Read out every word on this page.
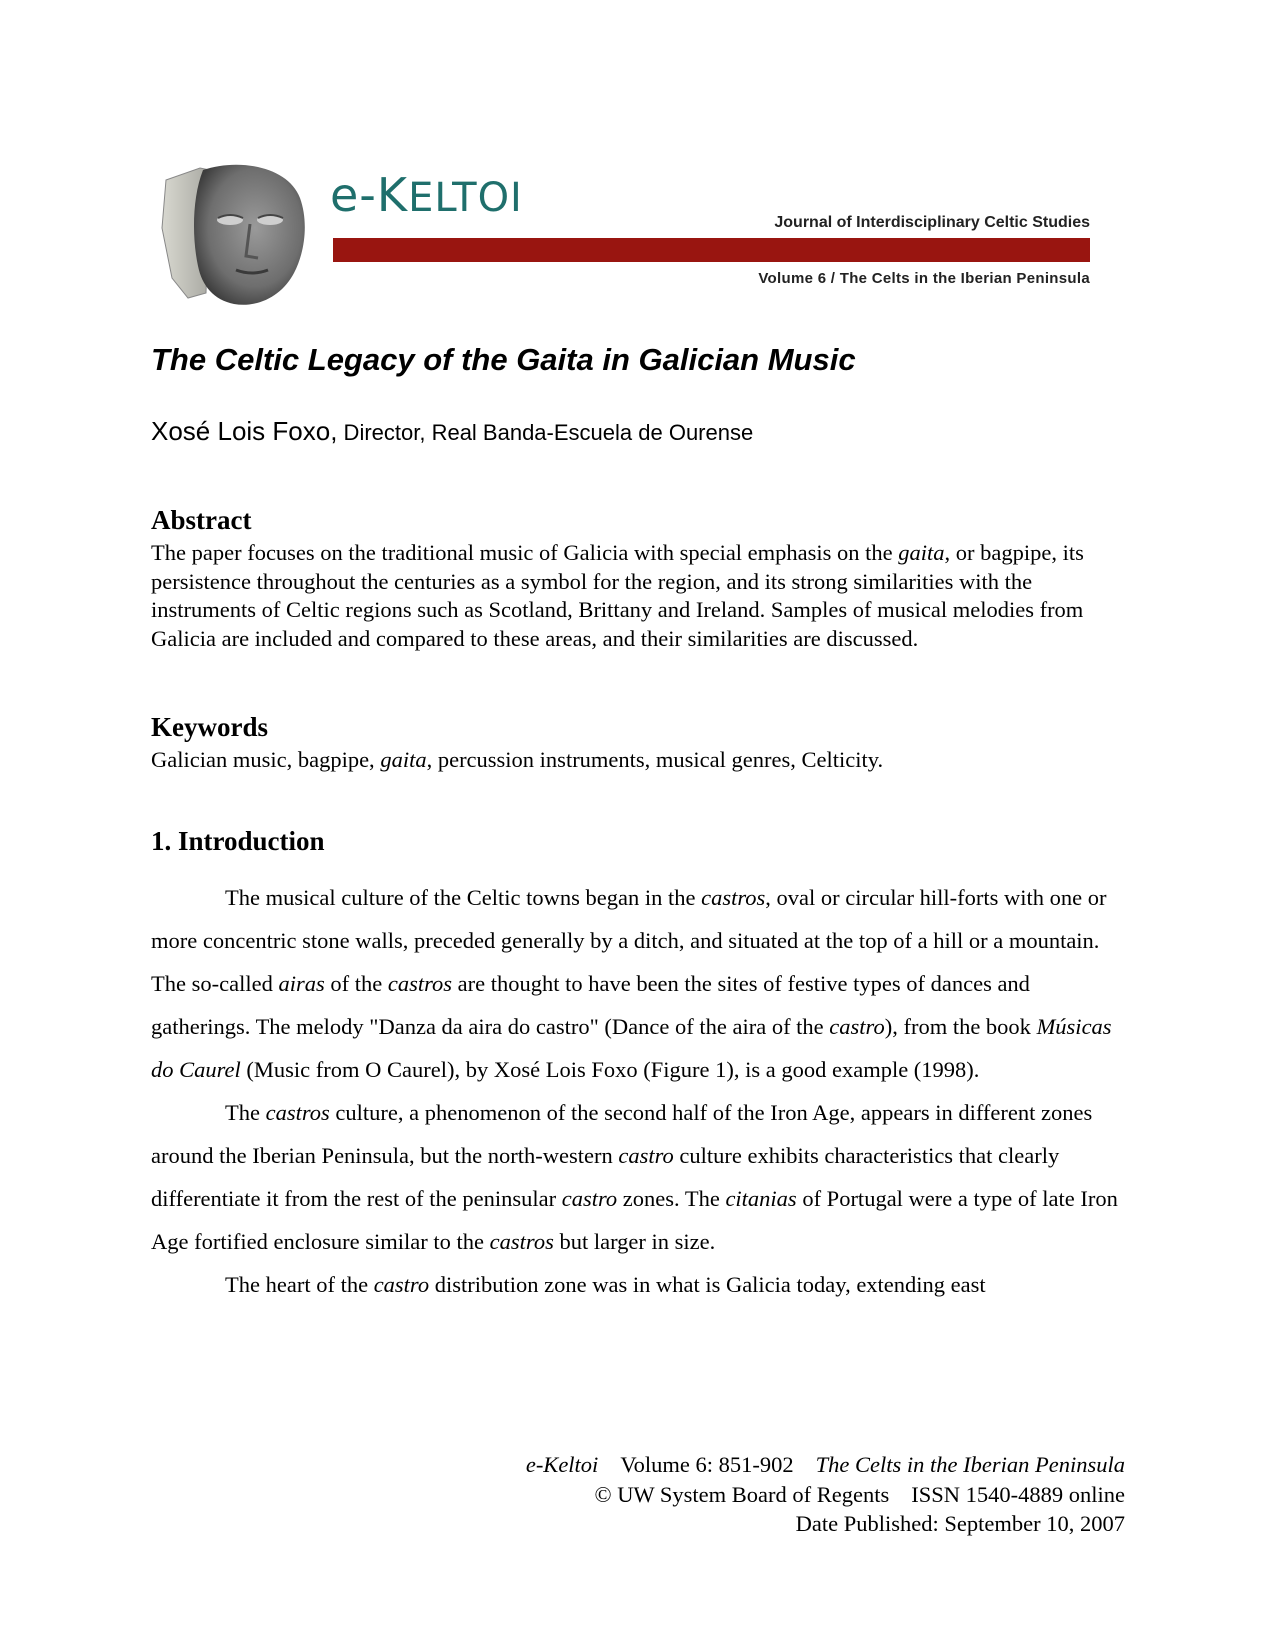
e-KELTOI
Journal of Interdisciplinary Celtic Studies
Volume 6 / The Celts in the Iberian Peninsula
The Celtic Legacy of the Gaita in Galician Music
Xosé Lois Foxo, Director, Real Banda-Escuela de Ourense
Abstract
The paper focuses on the traditional music of Galicia with special emphasis on the gaita, or bagpipe, its persistence throughout the centuries as a symbol for the region, and its strong similarities with the instruments of Celtic regions such as Scotland, Brittany and Ireland. Samples of musical melodies from Galicia are included and compared to these areas, and their similarities are discussed.
Keywords
Galician music, bagpipe, gaita, percussion instruments, musical genres, Celticity.
1. Introduction

The musical culture of the Celtic towns began in the castros, oval or circular hill-forts with one or more concentric stone walls, preceded generally by a ditch, and situated at the top of a hill or a mountain. The so-called airas of the castros are thought to have been the sites of festive types of dances and gatherings. The melody "Danza da aira do castro" (Dance of the aira of the castro), from the book Músicas do Caurel (Music from O Caurel), by Xosé Lois Foxo (Figure 1), is a good example (1998).

The castros culture, a phenomenon of the second half of the Iron Age, appears in different zones around the Iberian Peninsula, but the north-western castro culture exhibits characteristics that clearly differentiate it from the rest of the peninsular castro zones. The citanias of Portugal were a type of late Iron Age fortified enclosure similar to the castros but larger in size.

The heart of the castro distribution zone was in what is Galicia today, extending east

e-Keltoi Volume 6: 851-902 The Celts in the Iberian Peninsula
© UW System Board of Regents ISSN 1540-4889 online
Date Published: September 10, 2007
